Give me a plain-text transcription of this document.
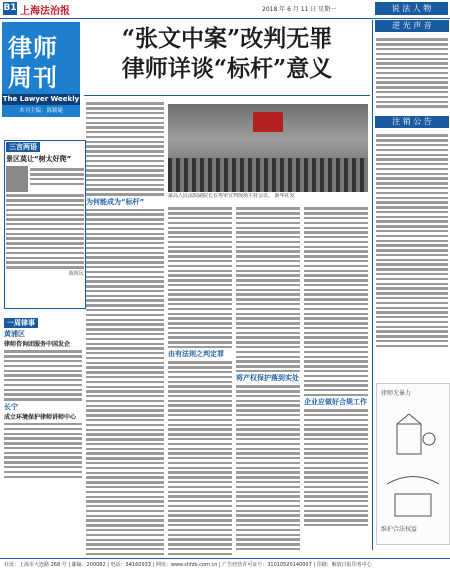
B1 上海法治报	2018 年 6 月 11 日 星期一	说 法 人 物
律师
周刊
The Lawyer Weekly
本刊主编：陈颖婕
“张文中案”改判无罪
律师详谈“标杆”意义
三言两语
景区莫让“树太好爬”
陈辉民
一周律事
黄浦区
律师咨询团服务中国发企
长宁
成立环境保护律师讲师中心
为何能成为“标杆”
最高人民法院副院长在再审宣判现场主持会议。 新华社发
由有法则之判定罪
将产权保护落到实处
企业应做好合规工作
逆 光 声 音
注 销 公 告
律师无暴力
维护合法权益
社址：上海市大连路 268 号 | 邮编：200082 | 电话：34160933 | 网址：www.shfzb.com.cn | 广告经营许可证号：31010520140007 | 印刷：解放日报印务中心
